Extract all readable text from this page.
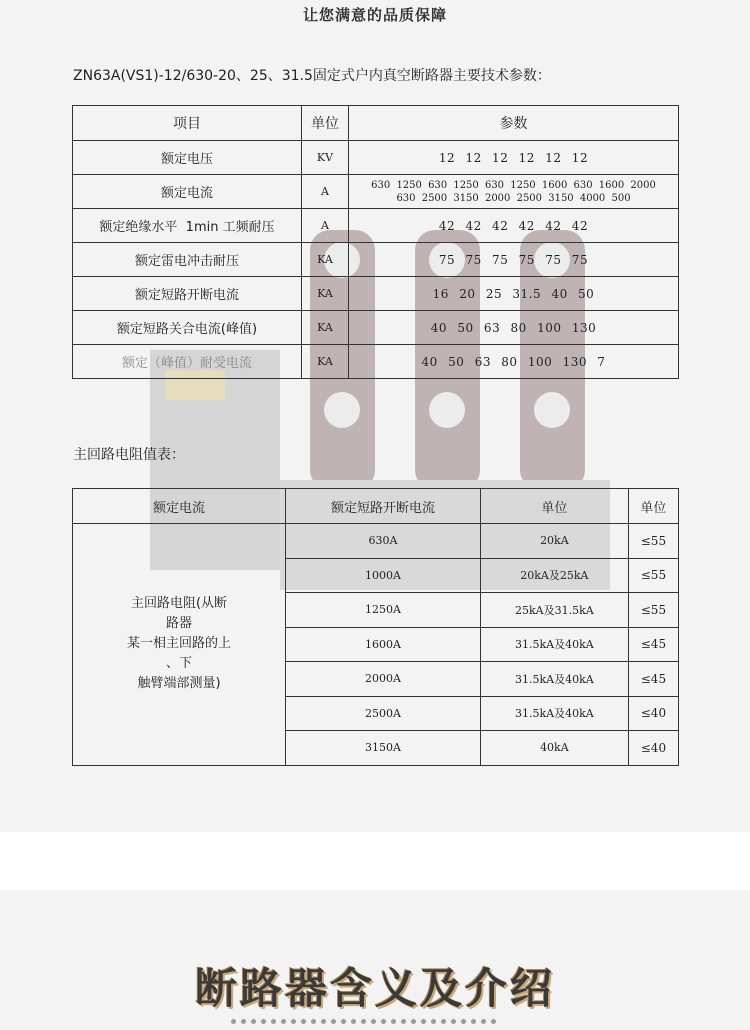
让您满意的品质保障
ZN63A(VS1)-12/630-20、25、31.5固定式户内真空断路器主要技术参数：
项目	单位	参数
额定电压	KV	12 12 12 12 12 12
额定电流	A	630 1250 630 1250 630 1250 1600 630 1600 2000
630 2500 3150 2000 2500 3150 4000 500

额定绝缘水平  1min 工频耐压	A	42 42 42 42 42 42
额定雷电冲击耐压	KA	75 75 75 75 75 75
额定短路开断电流	KA	16 20 25 31.5 40 50
额定短路关合电流(峰值)	KA	40 50 63 80 100 130
额定（峰值）耐受电流	KA	40 50 63 80 100 130 7
主回路电阻值表：
额定电流	额定短路开断电流	单位	单位

主回路电阻(从断
路器
某一相主回路的上
、下
触臂端部测量)	630A	20kA	≤55
	1000A	20kA及25kA	≤55
	1250A	25kA及31.5kA	≤55
	1600A	31.5kA及40kA	≤45
	2000A	31.5kA及40kA	≤45
	2500A	31.5kA及40kA	≤40
	3150A	40kA	≤40
断路器含义及介绍
